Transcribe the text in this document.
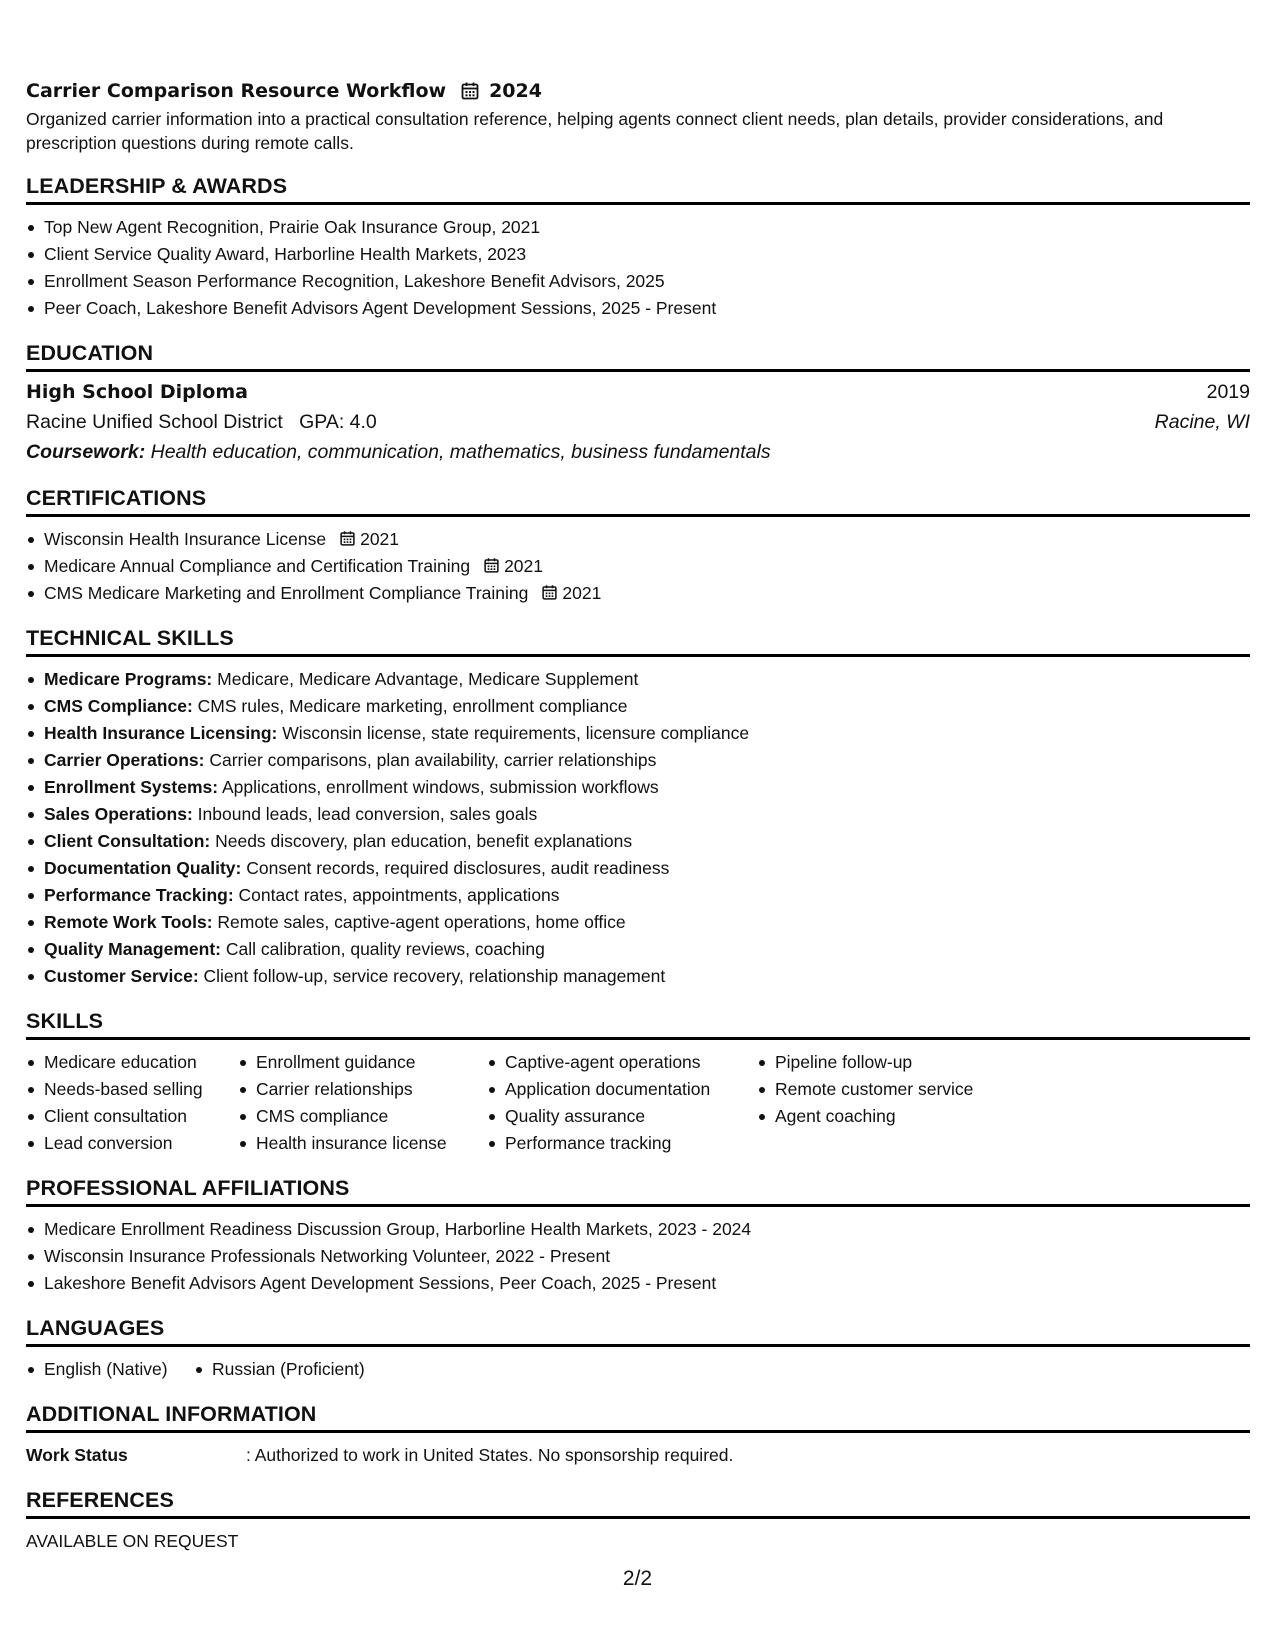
Carrier Comparison Resource Workflow 2024
Organized carrier information into a practical consultation reference, helping agents connect client needs, plan details, provider considerations, and prescription questions during remote calls.
LEADERSHIP & AWARDS
Top New Agent Recognition, Prairie Oak Insurance Group, 2021
Client Service Quality Award, Harborline Health Markets, 2023
Enrollment Season Performance Recognition, Lakeshore Benefit Advisors, 2025
Peer Coach, Lakeshore Benefit Advisors Agent Development Sessions, 2025 - Present
EDUCATION
High School Diploma	2019
Racine Unified School District   GPA: 4.0	Racine, WI
Coursework: Health education, communication, mathematics, business fundamentals
CERTIFICATIONS
Wisconsin Health Insurance License 2021
Medicare Annual Compliance and Certification Training 2021
CMS Medicare Marketing and Enrollment Compliance Training 2021
TECHNICAL SKILLS
Medicare Programs: Medicare, Medicare Advantage, Medicare Supplement
CMS Compliance: CMS rules, Medicare marketing, enrollment compliance
Health Insurance Licensing: Wisconsin license, state requirements, licensure compliance
Carrier Operations: Carrier comparisons, plan availability, carrier relationships
Enrollment Systems: Applications, enrollment windows, submission workflows
Sales Operations: Inbound leads, lead conversion, sales goals
Client Consultation: Needs discovery, plan education, benefit explanations
Documentation Quality: Consent records, required disclosures, audit readiness
Performance Tracking: Contact rates, appointments, applications
Remote Work Tools: Remote sales, captive-agent operations, home office
Quality Management: Call calibration, quality reviews, coaching
Customer Service: Client follow-up, service recovery, relationship management
SKILLS
Medicare education
Needs-based selling
Client consultation
Lead conversion
Enrollment guidance
Carrier relationships
CMS compliance
Health insurance license
Captive-agent operations
Application documentation
Quality assurance
Performance tracking
Pipeline follow-up
Remote customer service
Agent coaching
PROFESSIONAL AFFILIATIONS
Medicare Enrollment Readiness Discussion Group, Harborline Health Markets, 2023 - 2024
Wisconsin Insurance Professionals Networking Volunteer, 2022 - Present
Lakeshore Benefit Advisors Agent Development Sessions, Peer Coach, 2025 - Present
LANGUAGES
English (Native)	Russian (Proficient)
ADDITIONAL INFORMATION
Work Status	: Authorized to work in United States. No sponsorship required.
REFERENCES
AVAILABLE ON REQUEST
2/2
